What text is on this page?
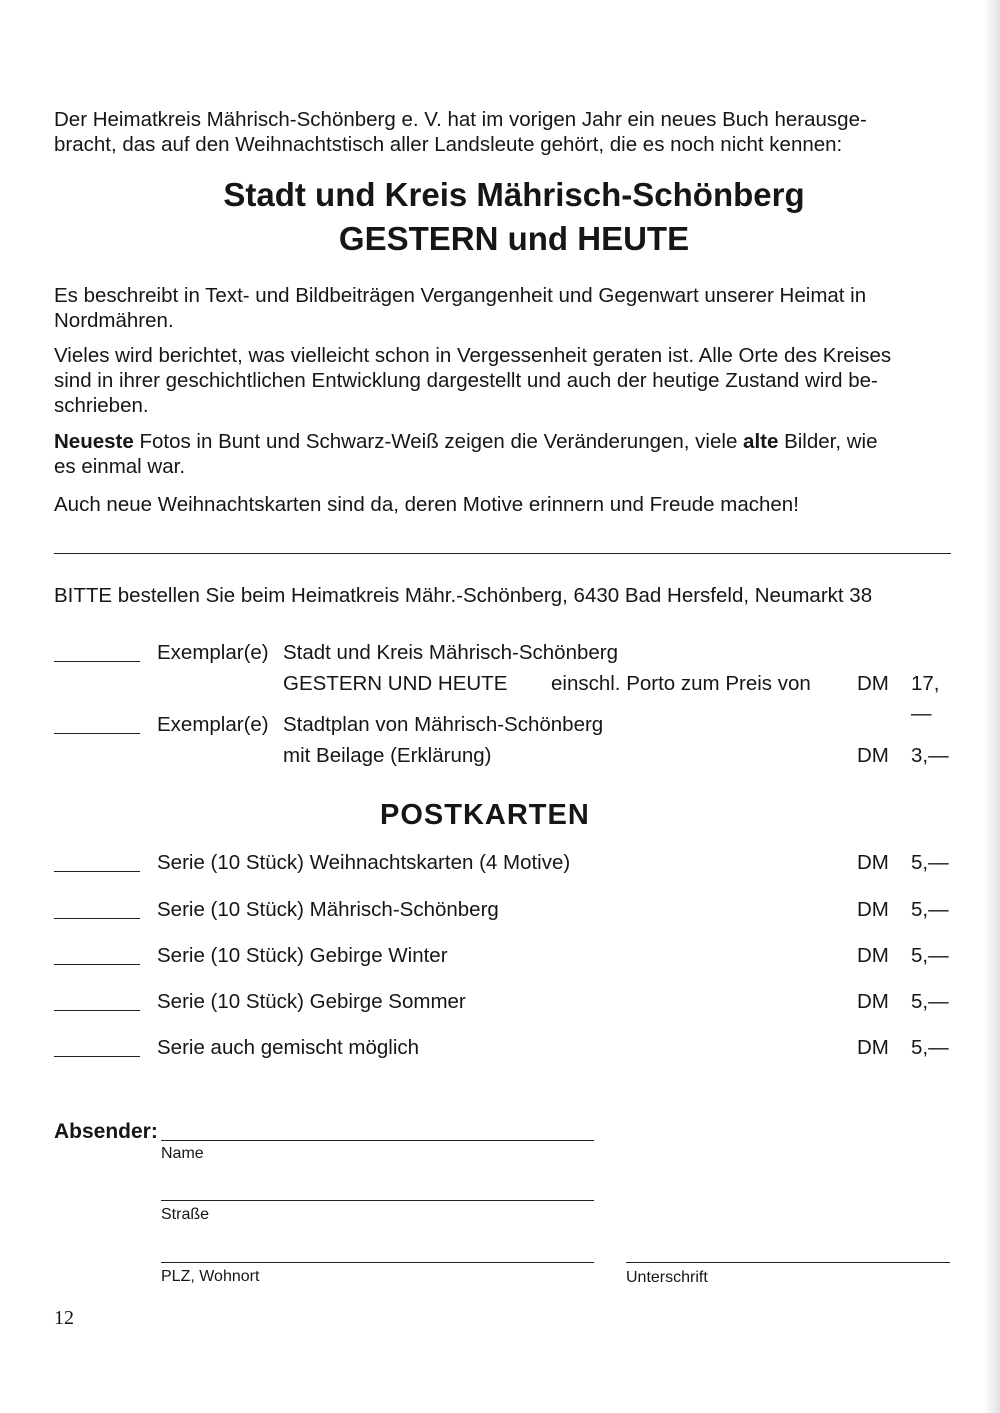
Der Heimatkreis Mährisch-Schönberg e. V. hat im vorigen Jahr ein neues Buch herausge-
bracht, das auf den Weihnachtstisch aller Landsleute gehört, die es noch nicht kennen:

Stadt und Kreis Mährisch-Schönberg
GESTERN und HEUTE

Es beschreibt in Text- und Bildbeiträgen Vergangenheit und Gegenwart unserer Heimat in
Nordmähren.

Vieles wird berichtet, was vielleicht schon in Vergessenheit geraten ist. Alle Orte des Kreises
sind in ihrer geschichtlichen Entwicklung dargestellt und auch der heutige Zustand wird be-
schrieben.

Neueste Fotos in Bunt und Schwarz-Weiß zeigen die Veränderungen, viele alte Bilder, wie
es einmal war.

Auch neue Weihnachtskarten sind da, deren Motive erinnern und Freude machen!

BITTE bestellen Sie beim Heimatkreis Mähr.-Schönberg, 6430 Bad Hersfeld, Neumarkt 38

Exemplar(e) Stadt und Kreis Mährisch-Schönberg
GESTERN UND HEUTE einschl. Porto zum Preis von DM 17,—
Exemplar(e) Stadtplan von Mährisch-Schönberg
mit Beilage (Erklärung)	DM 3,—
POSTKARTEN
Serie (10 Stück) Weihnachtskarten (4 Motive)	DM 5,—
Serie (10 Stück) Mährisch-Schönberg	DM 5,—
Serie (10 Stück) Gebirge Winter	DM 5,—
Serie (10 Stück) Gebirge Sommer	DM 5,—
Serie auch gemischt möglich	DM 5,—
Absender:
Name
Straße
PLZ, Wohnort	Unterschrift
12
